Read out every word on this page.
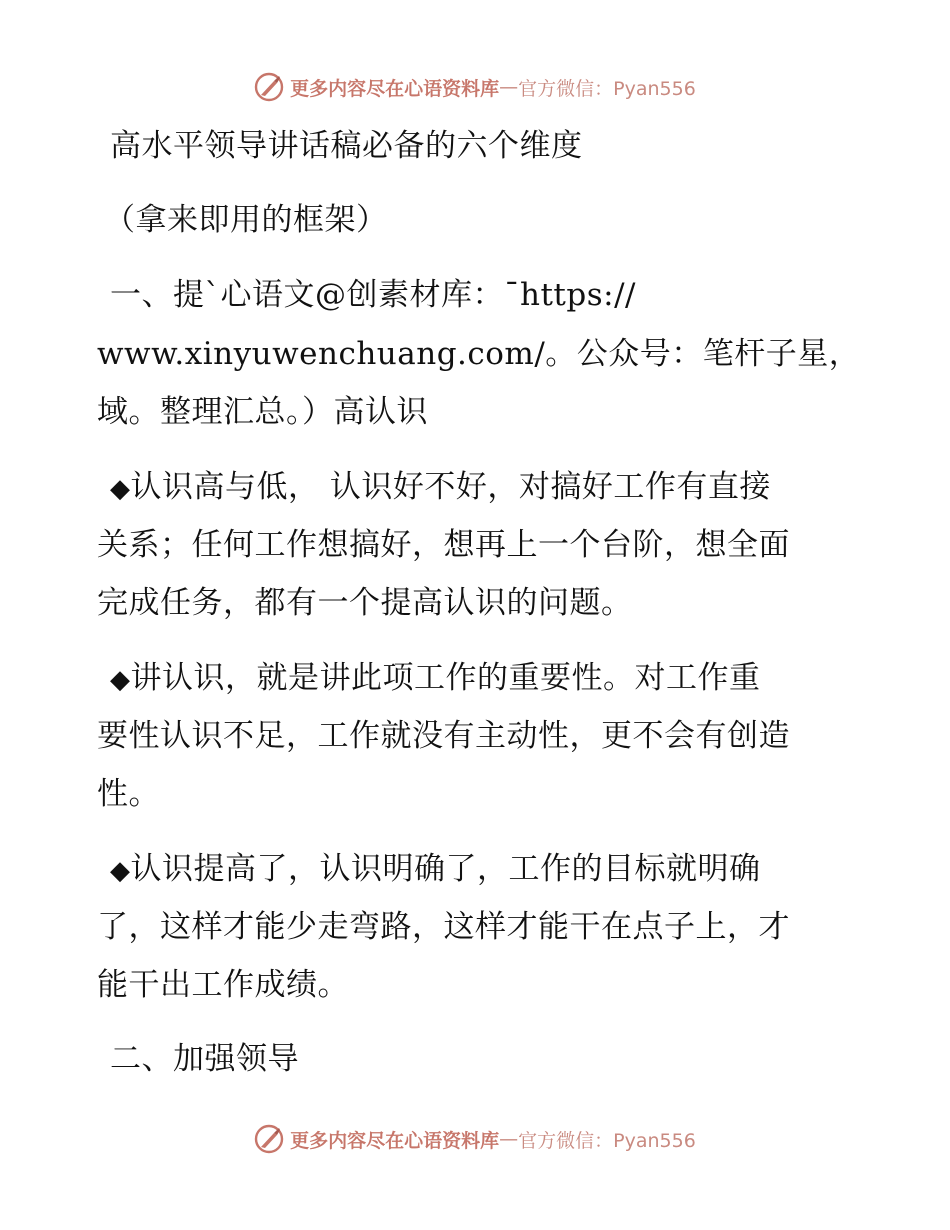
更多内容尽在心语资料库 — 官方微信：Pyan556
高水平领导讲话稿必备的六个维度
（拿来即用的框架）
一、提`心语文@创素材库：¯https://
www.xinyuwenchuang.com/。公众号：笔杆子星，
域。整理汇总。）高认识
◆认识高与低， 认识好不好，对搞好工作有直接
关系；任何工作想搞好，想再上一个台阶，想全面
完成任务，都有一个提高认识的问题。
◆讲认识，就是讲此项工作的重要性。对工作重
要性认识不足，工作就没有主动性，更不会有创造
性。
◆认识提高了，认识明确了，工作的目标就明确
了，这样才能少走弯路，这样才能干在点子上，才
能干出工作成绩。
二、加强领导
更多内容尽在心语资料库 — 官方微信：Pyan556
